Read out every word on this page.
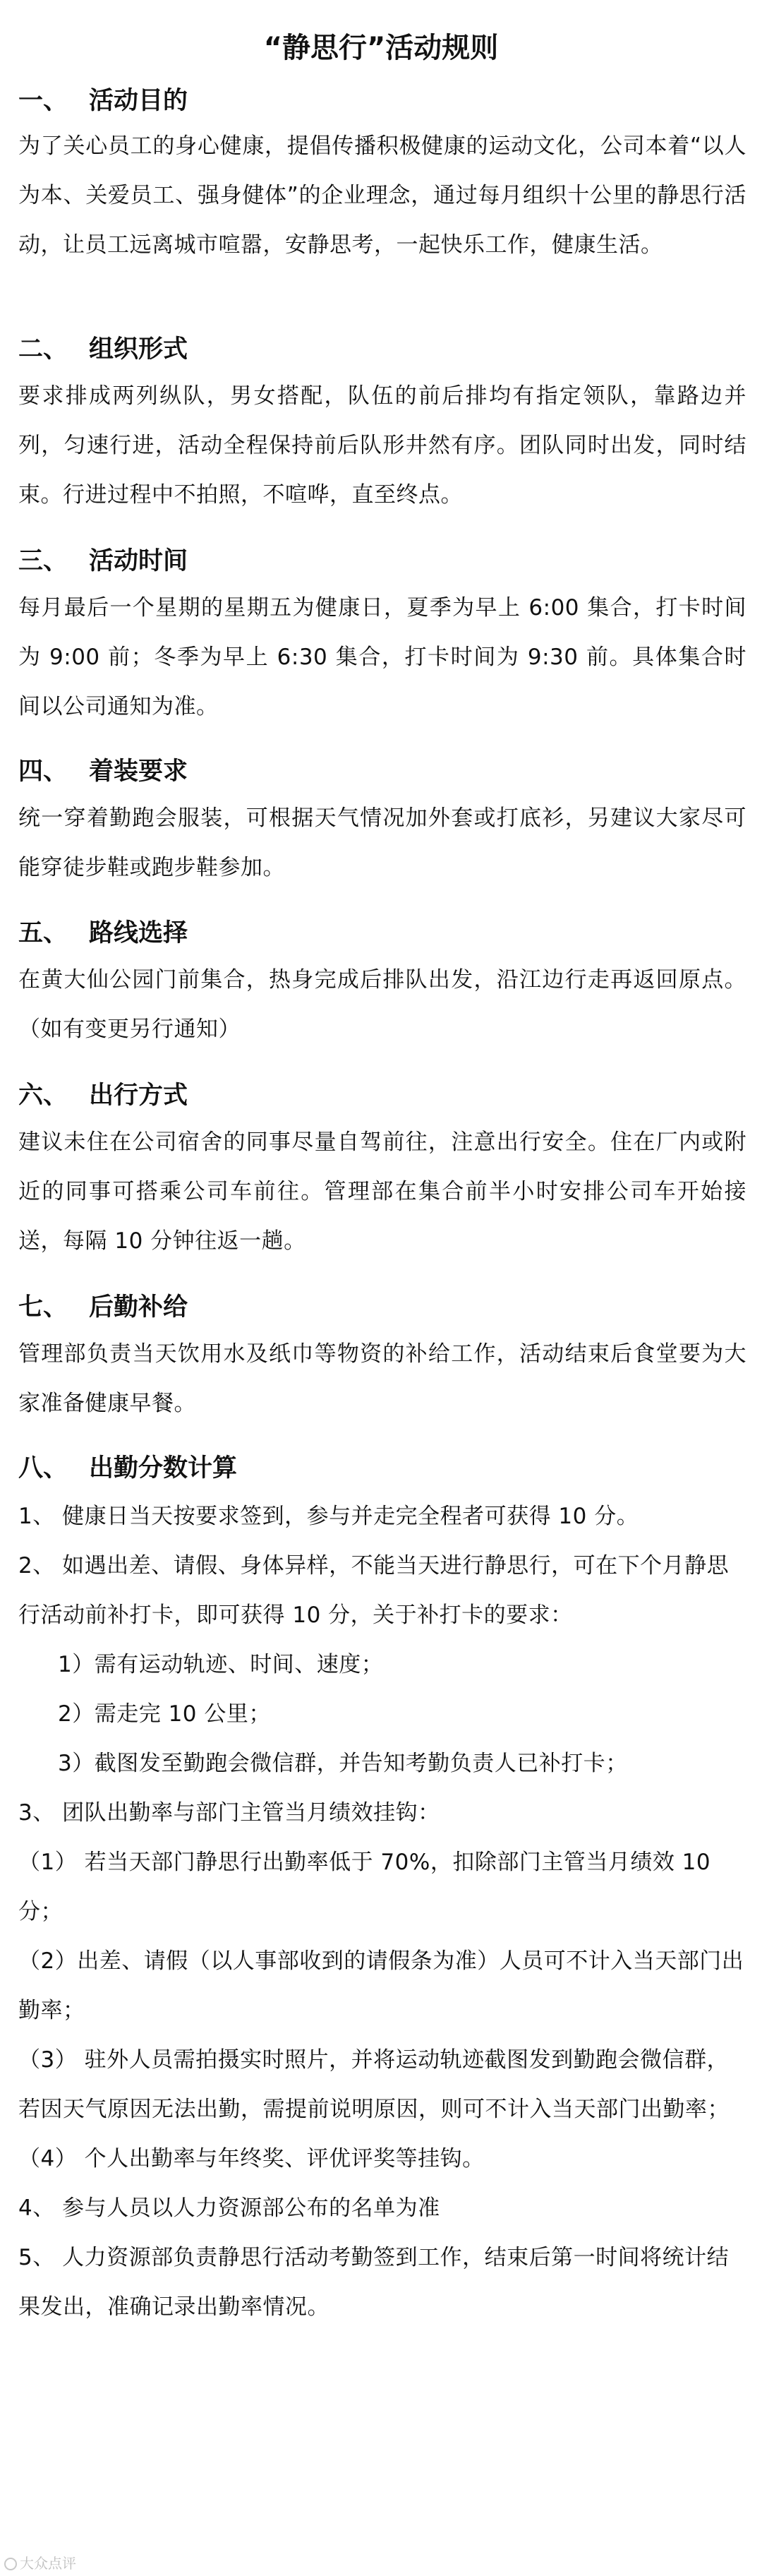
“静思行”活动规则
一、 活动目的

为了关心员工的身心健康，提倡传播积极健康的运动文化，公司本着“以人为本、关爱员工、强身健体”的企业理念，通过每月组织十公里的静思行活动，让员工远离城市喧嚣，安静思考，一起快乐工作，健康生活。

二、 组织形式

要求排成两列纵队，男女搭配，队伍的前后排均有指定领队，靠路边并列，匀速行进，活动全程保持前后队形井然有序。团队同时出发，同时结束。行进过程中不拍照，不喧哗，直至终点。

三、 活动时间

每月最后一个星期的星期五为健康日，夏季为早上 6:00 集合，打卡时间为 9:00 前；冬季为早上 6:30 集合，打卡时间为 9:30 前。具体集合时间以公司通知为准。

四、 着装要求

统一穿着勤跑会服装，可根据天气情况加外套或打底衫，另建议大家尽可能穿徒步鞋或跑步鞋参加。

五、 路线选择

在黄大仙公园门前集合，热身完成后排队出发，沿江边行走再返回原点。（如有变更另行通知）

六、 出行方式

建议未住在公司宿舍的同事尽量自驾前往，注意出行安全。住在厂内或附近的同事可搭乘公司车前往。管理部在集合前半小时安排公司车开始接送，每隔 10 分钟往返一趟。

七、 后勤补给

管理部负责当天饮用水及纸巾等物资的补给工作，活动结束后食堂要为大家准备健康早餐。

八、 出勤分数计算

1、 健康日当天按要求签到，参与并走完全程者可获得 10 分。

2、 如遇出差、请假、身体异样，不能当天进行静思行，可在下个月静思行活动前补打卡，即可获得 10 分，关于补打卡的要求：

1）需有运动轨迹、时间、速度；

2）需走完 10 公里；

3）截图发至勤跑会微信群，并告知考勤负责人已补打卡；

3、 团队出勤率与部门主管当月绩效挂钩：

（1） 若当天部门静思行出勤率低于 70%，扣除部门主管当月绩效 10 分；

（2）出差、请假（以人事部收到的请假条为准）人员可不计入当天部门出勤率；

（3） 驻外人员需拍摄实时照片，并将运动轨迹截图发到勤跑会微信群，若因天气原因无法出勤，需提前说明原因，则可不计入当天部门出勤率；

（4） 个人出勤率与年终奖、评优评奖等挂钩。

4、 参与人员以人力资源部公布的名单为准

5、 人力资源部负责静思行活动考勤签到工作，结束后第一时间将统计结果发出，准确记录出勤率情况。

大众点评
